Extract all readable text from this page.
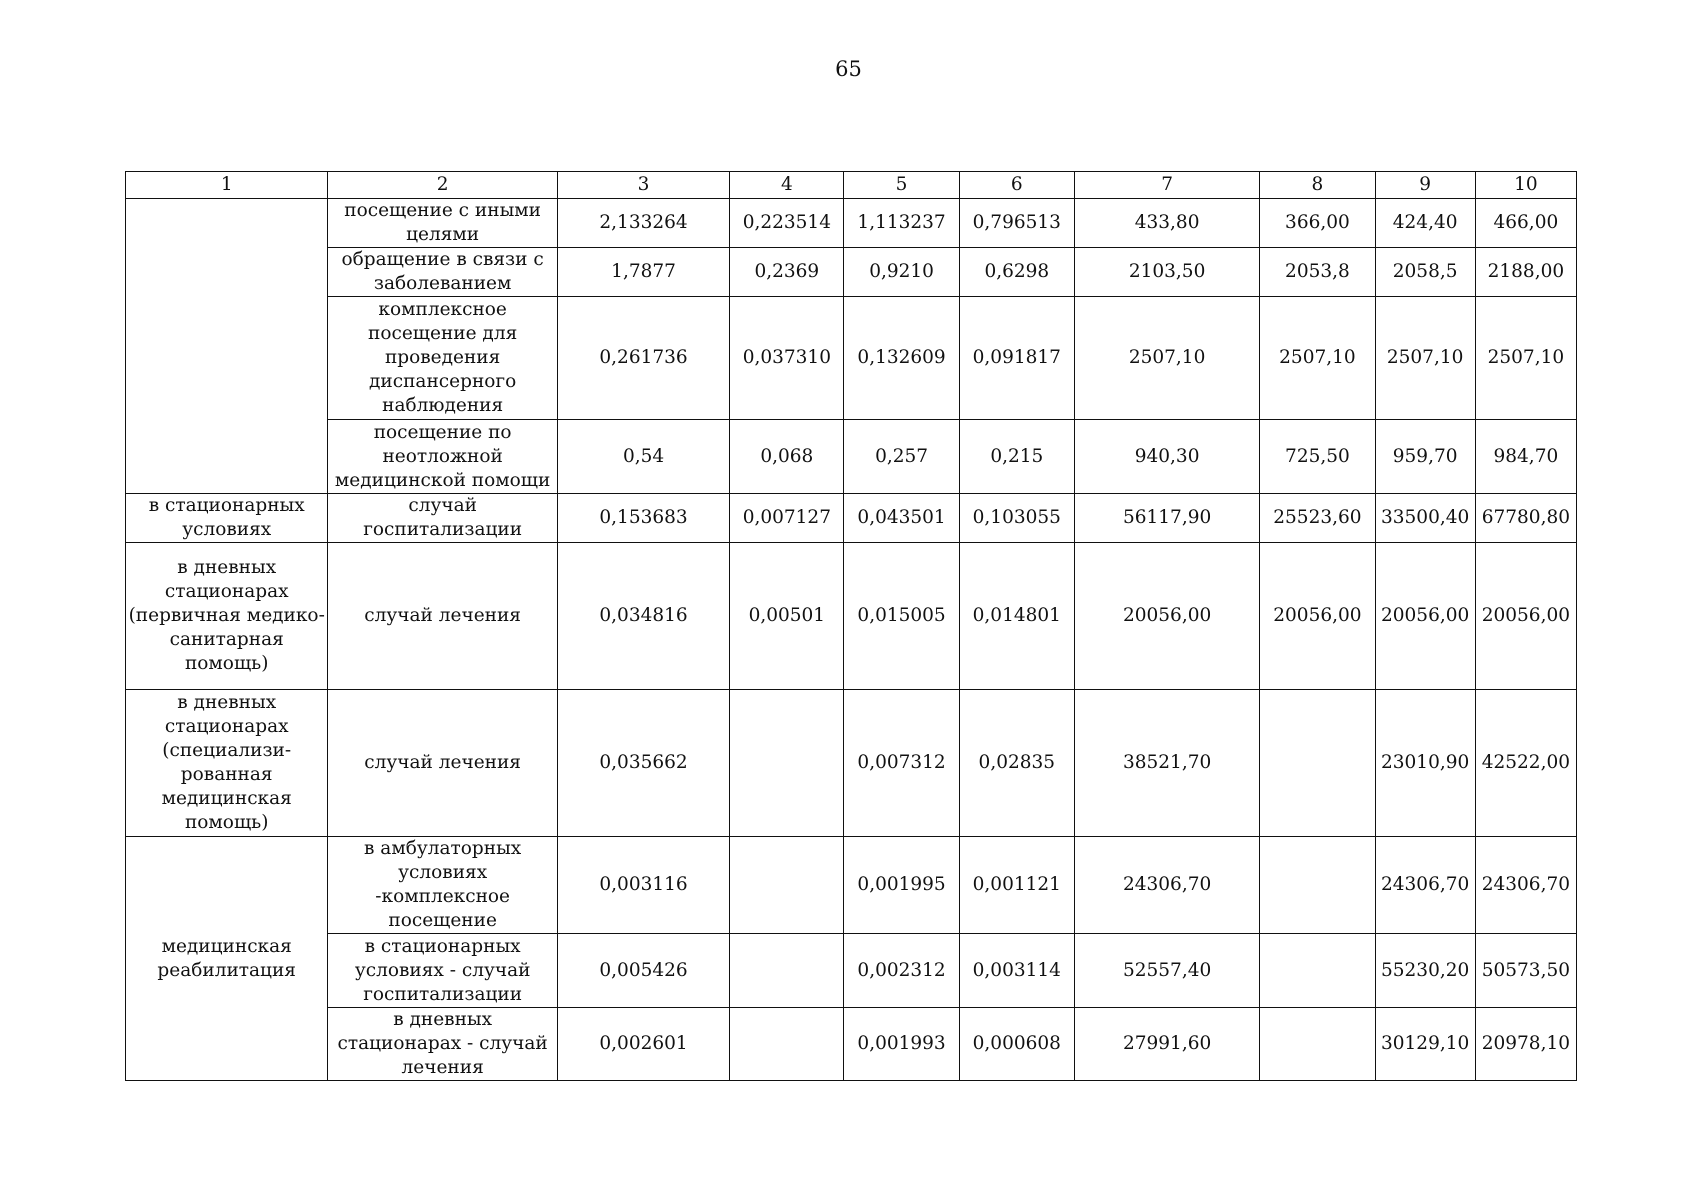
65
1	2	3	4	5	6	7	8	9	10
	посещение с иными целями	2,133264	0,223514	1,113237	0,796513	433,80	366,00	424,40	466,00
	обращение в связи с заболеванием	1,7877	0,2369	0,9210	0,6298	2103,50	2053,8	2058,5	2188,00
	комплексное посещение для проведения диспансерного наблюдения	0,261736	0,037310	0,132609	0,091817	2507,10	2507,10	2507,10	2507,10
	посещение по неотложной медицинской помощи	0,54	0,068	0,257	0,215	940,30	725,50	959,70	984,70
в стационарных условиях	случай госпитализации	0,153683	0,007127	0,043501	0,103055	56117,90	25523,60	33500,40	67780,80
в дневных стационарах (первичная медико-санитарная помощь)	случай лечения	0,034816	0,00501	0,015005	0,014801	20056,00	20056,00	20056,00	20056,00
в дневных стационарах (специализи-рованная медицинская помощь)	случай лечения	0,035662		0,007312	0,02835	38521,70		23010,90	42522,00
медицинская реабилитация	в амбулаторных условиях -комплексное посещение	0,003116		0,001995	0,001121	24306,70		24306,70	24306,70
	в стационарных условиях - случай госпитализации	0,005426		0,002312	0,003114	52557,40		55230,20	50573,50
	в дневных стационарах - случай лечения	0,002601		0,001993	0,000608	27991,60		30129,10	20978,10
